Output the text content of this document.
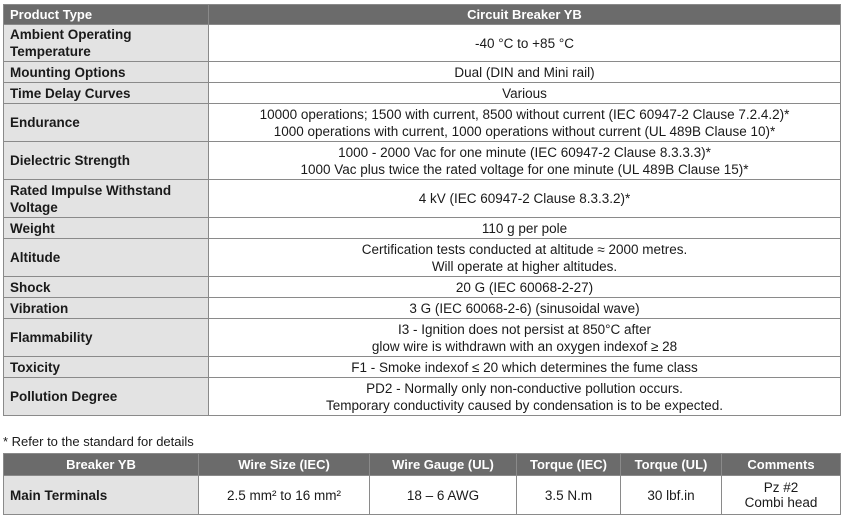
Product Type	Circuit Breaker YB

Ambient Operating
Temperature	-40 °C to +85 °C

Mounting Options	Dual (DIN and Mini rail)

Time Delay Curves	Various

Endurance	10000 operations; 1500 with current, 8500 without current (IEC 60947-2 Clause 7.2.4.2)*
1000 operations with current, 1000 operations without current (UL 489B Clause 10)*

Dielectric Strength	1000 - 2000 Vac for one minute (IEC 60947-2 Clause 8.3.3.3)*
1000 Vac plus twice the rated voltage for one minute (UL 489B Clause 15)*

Rated Impulse Withstand
Voltage	4 kV (IEC 60947-2 Clause 8.3.3.2)*

Weight	110 g per pole

Altitude	Certification tests conducted at altitude ≈ 2000 metres.
Will operate at higher altitudes.

Shock	20 G (IEC 60068-2-27)

Vibration	3 G (IEC 60068-2-6) (sinusoidal wave)

Flammability	I3 - Ignition does not persist at 850°C after
glow wire is withdrawn with an oxygen indexof ≥ 28

Toxicity	F1 - Smoke indexof ≤ 20 which determines the fume class

Pollution Degree	PD2 - Normally only non-conductive pollution occurs.
Temporary conductivity caused by condensation is to be expected.
* Refer to the standard for details
Breaker YB	Wire Size (IEC)	Wire Gauge (UL)	Torque (IEC)	Torque (UL)	Comments
Main Terminals	2.5 mm² to 16 mm²	18 – 6 AWG	3.5 N.m	30 lbf.in	Pz #2
Combi head
